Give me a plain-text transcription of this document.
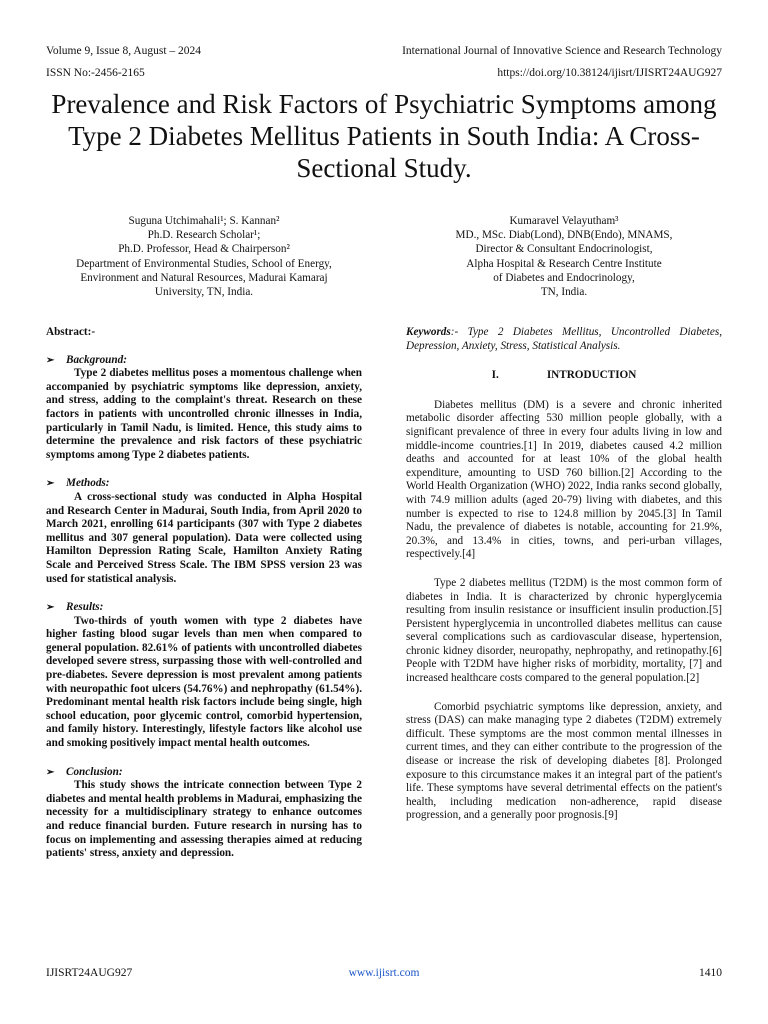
Volume 9, Issue 8, August – 2024
ISSN No:-2456-2165
International Journal of Innovative Science and Research Technology
https://doi.org/10.38124/ijisrt/IJISRT24AUG927
Prevalence and Risk Factors of Psychiatric Symptoms among Type 2 Diabetes Mellitus Patients in South India: A Cross-Sectional Study.
Suguna Utchimahali¹; S. Kannan²
Ph.D. Research Scholar¹;
Ph.D. Professor, Head & Chairperson²
Department of Environmental Studies, School of Energy,
Environment and Natural Resources, Madurai Kamaraj
University, TN, India.
Kumaravel Velayutham³
MD., MSc. Diab(Lond), DNB(Endo), MNAMS,
Director & Consultant Endocrinologist,
Alpha Hospital & Research Centre Institute
of Diabetes and Endocrinology,
TN, India.
Abstract:-
➢	Background:

Type 2 diabetes mellitus poses a momentous challenge when accompanied by psychiatric symptoms like depression, anxiety, and stress, adding to the complaint's threat. Research on these factors in patients with uncontrolled chronic illnesses in India, particularly in Tamil Nadu, is limited. Hence, this study aims to determine the prevalence and risk factors of these psychiatric symptoms among Type 2 diabetes patients.

➢	Methods:

A cross-sectional study was conducted in Alpha Hospital and Research Center in Madurai, South India, from April 2020 to March 2021, enrolling 614 participants (307 with Type 2 diabetes mellitus and 307 general population). Data were collected using Hamilton Depression Rating Scale, Hamilton Anxiety Rating Scale and Perceived Stress Scale. The IBM SPSS version 23 was used for statistical analysis.

➢	Results:

Two-thirds of youth women with type 2 diabetes have higher fasting blood sugar levels than men when compared to general population. 82.61% of patients with uncontrolled diabetes developed severe stress, surpassing those with well-controlled and pre-diabetes. Severe depression is most prevalent among patients with neuropathic foot ulcers (54.76%) and nephropathy (61.54%). Predominant mental health risk factors include being single, high school education, poor glycemic control, comorbid hypertension, and family history. Interestingly, lifestyle factors like alcohol use and smoking positively impact mental health outcomes.

➢	Conclusion:

This study shows the intricate connection between Type 2 diabetes and mental health problems in Madurai, emphasizing the necessity for a multidisciplinary strategy to enhance outcomes and reduce financial burden. Future research in nursing has to focus on implementing and assessing therapies aimed at reducing patients' stress, anxiety and depression.

Keywords:- Type 2 Diabetes Mellitus, Uncontrolled Diabetes, Depression, Anxiety, Stress, Statistical Analysis.

I.	INTRODUCTION

Diabetes mellitus (DM) is a severe and chronic inherited metabolic disorder affecting 530 million people globally, with a significant prevalence of three in every four adults living in low and middle-income countries.[1] In 2019, diabetes caused 4.2 million deaths and accounted for at least 10% of the global health expenditure, amounting to USD 760 billion.[2] According to the World Health Organization (WHO) 2022, India ranks second globally, with 74.9 million adults (aged 20-79) living with diabetes, and this number is expected to rise to 124.8 million by 2045.[3] In Tamil Nadu, the prevalence of diabetes is notable, accounting for 21.9%, 20.3%, and 13.4% in cities, towns, and peri-urban villages, respectively.[4]

Type 2 diabetes mellitus (T2DM) is the most common form of diabetes in India. It is characterized by chronic hyperglycemia resulting from insulin resistance or insufficient insulin production.[5] Persistent hyperglycemia in uncontrolled diabetes mellitus can cause several complications such as cardiovascular disease, hypertension, chronic kidney disorder, neuropathy, nephropathy, and retinopathy.[6] People with T2DM have higher risks of morbidity, mortality, [7] and increased healthcare costs compared to the general population.[2]

Comorbid psychiatric symptoms like depression, anxiety, and stress (DAS) can make managing type 2 diabetes (T2DM) extremely difficult. These symptoms are the most common mental illnesses in current times, and they can either contribute to the progression of the disease or increase the risk of developing diabetes [8]. Prolonged exposure to this circumstance makes it an integral part of the patient's life. These symptoms have several detrimental effects on the patient's health, including medication non-adherence, rapid disease progression, and a generally poor prognosis.[9]

IJISRT24AUG927	www.ijisrt.com	1410
